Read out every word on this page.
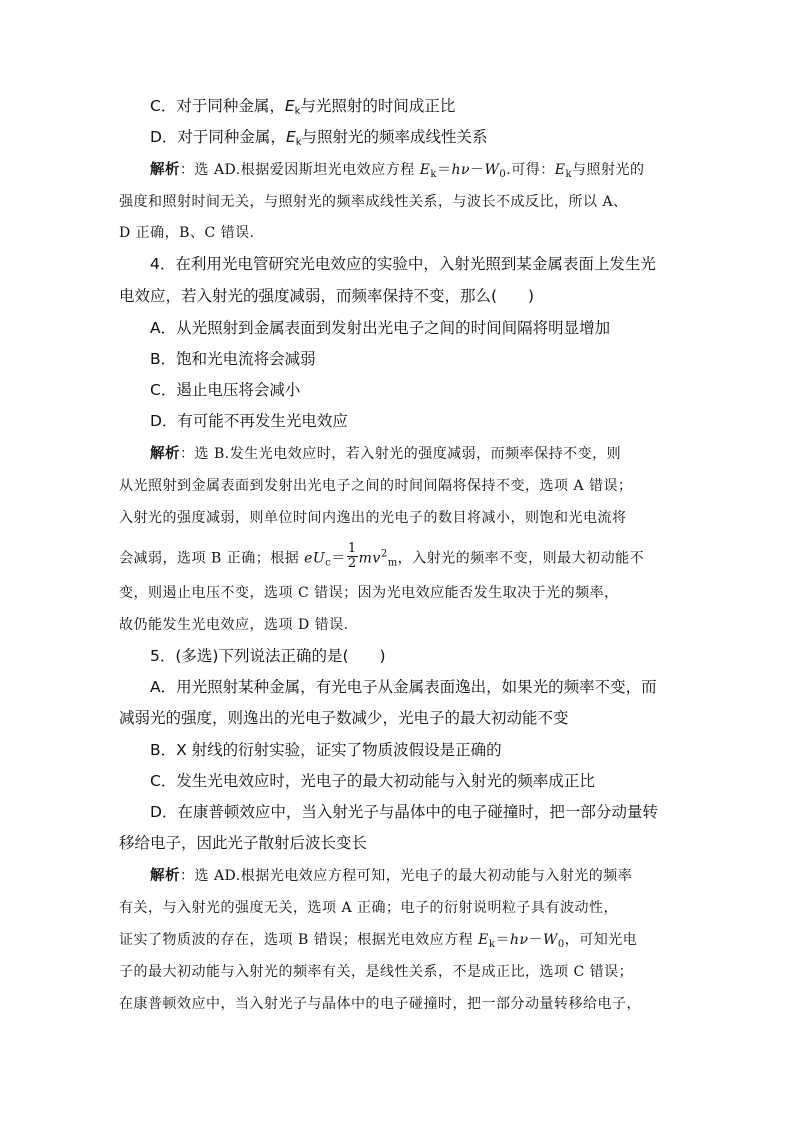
C．对于同种金属，$E_k$与光照射的时间成正比
D．对于同种金属，$E_k$与照射光的频率成线性关系
解析：选 AD.根据爱因斯坦光电效应方程 $E_k=h\nu-W_0$.可得：$E_k$与照射光的
强度和照射时间无关，与照射光的频率成线性关系，与波长不成反比，所以 A、
D 正确，B、C 错误.
4．在利用光电管研究光电效应的实验中，入射光照到某金属表面上发生光
电效应，若入射光的强度减弱，而频率保持不变，那么(　　)
A．从光照射到金属表面到发射出光电子之间的时间间隔将明显增加
B．饱和光电流将会减弱
C．遏止电压将会减小
D．有可能不再发生光电效应
解析：选 B.发生光电效应时，若入射光的强度减弱，而频率保持不变，则
从光照射到金属表面到发射出光电子之间的时间间隔将保持不变，选项 A 错误；
入射光的强度减弱，则单位时间内逸出的光电子的数目将减小，则饱和光电流将
会减弱，选项 B 正确；根据 $eU_c= \frac{1}{2} mv^2_m$，入射光的频率不变，则最大初动能不
变，则遏止电压不变，选项 C 错误；因为光电效应能否发生取决于光的频率，
故仍能发生光电效应，选项 D 错误.
5．(多选)下列说法正确的是(　　)
A．用光照射某种金属，有光电子从金属表面逸出，如果光的频率不变，而
减弱光的强度，则逸出的光电子数减少，光电子的最大初动能不变
B．X 射线的衍射实验，证实了物质波假设是正确的
C．发生光电效应时，光电子的最大初动能与入射光的频率成正比
D．在康普顿效应中，当入射光子与晶体中的电子碰撞时，把一部分动量转
移给电子，因此光子散射后波长变长
解析：选 AD.根据光电效应方程可知，光电子的最大初动能与入射光的频率
有关，与入射光的强度无关，选项 A 正确；电子的衍射说明粒子具有波动性，
证实了物质波的存在，选项 B 错误；根据光电效应方程 $E_k=h\nu-W_0$，可知光电
子的最大初动能与入射光的频率有关，是线性关系，不是成正比，选项 C 错误；
在康普顿效应中，当入射光子与晶体中的电子碰撞时，把一部分动量转移给电子，
